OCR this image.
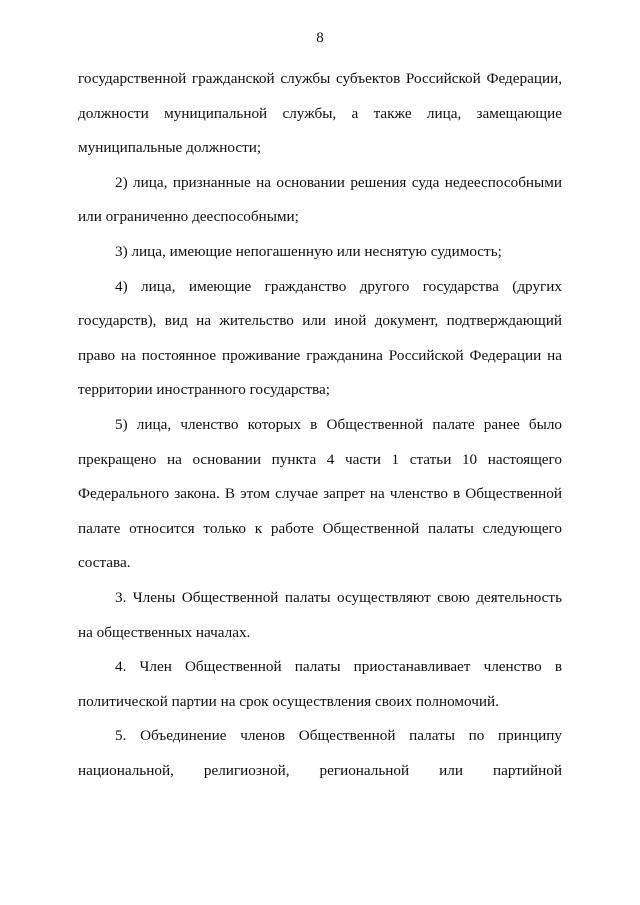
8

государственной гражданской службы субъектов Российской Федерации, должности муниципальной службы, а также лица, замещающие муниципальные должности;

2) лица, признанные на основании решения суда недееспособными или ограниченно дееспособными;

3) лица, имеющие непогашенную или неснятую судимость;

4) лица, имеющие гражданство другого государства (других государств), вид на жительство или иной документ, подтверждающий право на постоянное проживание гражданина Российской Федерации на территории иностранного государства;

5) лица, членство которых в Общественной палате ранее было прекращено на основании пункта 4 части 1 статьи 10 настоящего Федерального закона. В этом случае запрет на членство в Общественной палате относится только к работе Общественной палаты следующего состава.

3. Члены Общественной палаты осуществляют свою деятельность на общественных началах.

4. Член Общественной палаты приостанавливает членство в политической партии на срок осуществления своих полномочий.

5. Объединение членов Общественной палаты по принципу национальной, религиозной, региональной или партийной
